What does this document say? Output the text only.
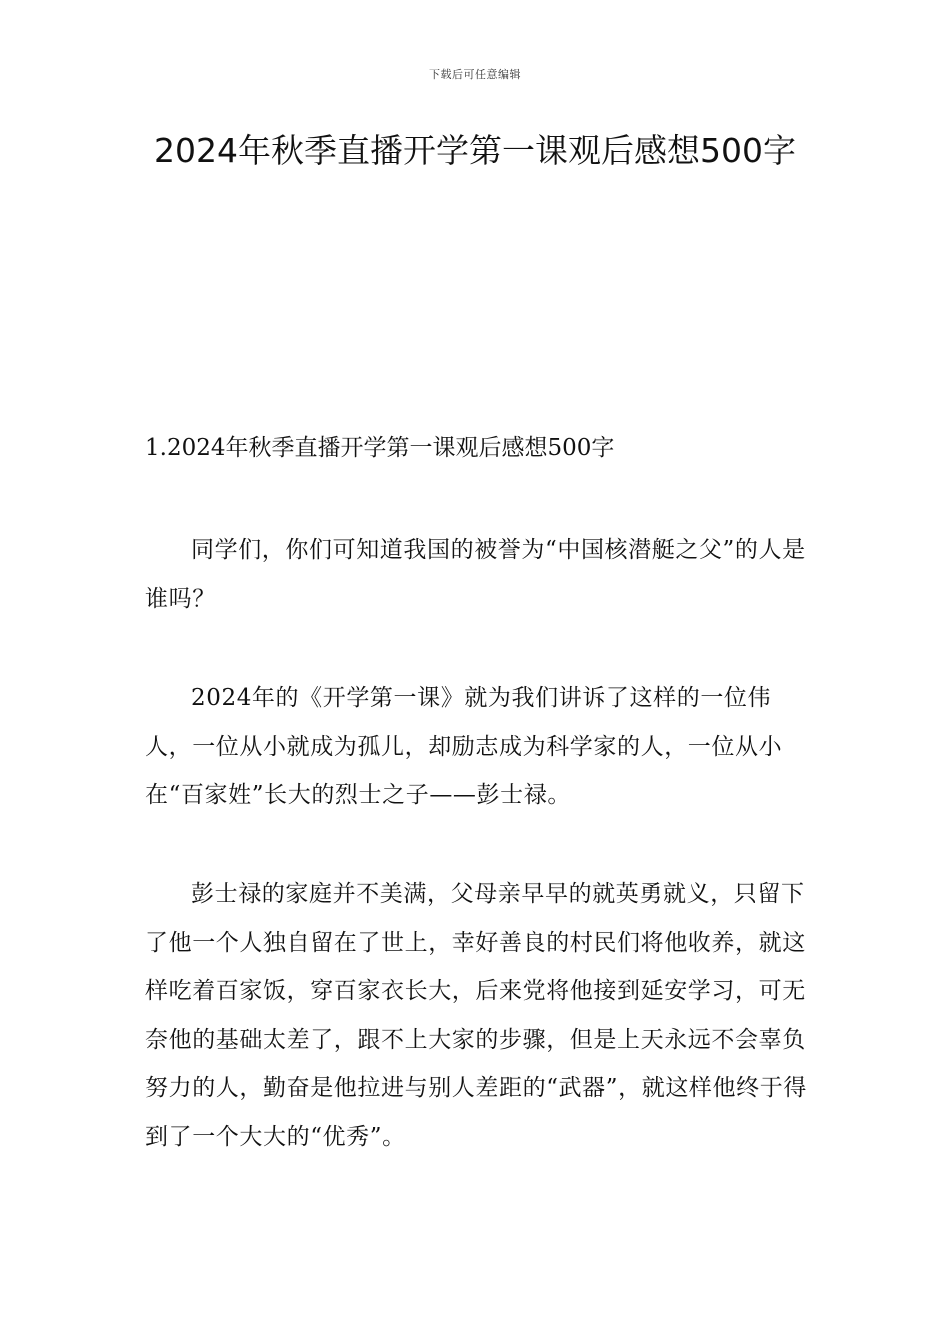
下载后可任意编辑
2024年秋季直播开学第一课观后感想500字
1.2024年秋季直播开学第一课观后感想500字

同学们，你们可知道我国的被誉为“中国核潜艇之父”的人是谁吗？

2024年的《开学第一课》就为我们讲诉了这样的一位伟人，一位从小就成为孤儿，却励志成为科学家的人，一位从小在“百家姓”长大的烈士之子——彭士禄。

彭士禄的家庭并不美满，父母亲早早的就英勇就义，只留下了他一个人独自留在了世上，幸好善良的村民们将他收养，就这样吃着百家饭，穿百家衣长大，后来党将他接到延安学习，可无奈他的基础太差了，跟不上大家的步骤，但是上天永远不会辜负努力的人，勤奋是他拉进与别人差距的“武器”，就这样他终于得到了一个大大的“优秀”。
